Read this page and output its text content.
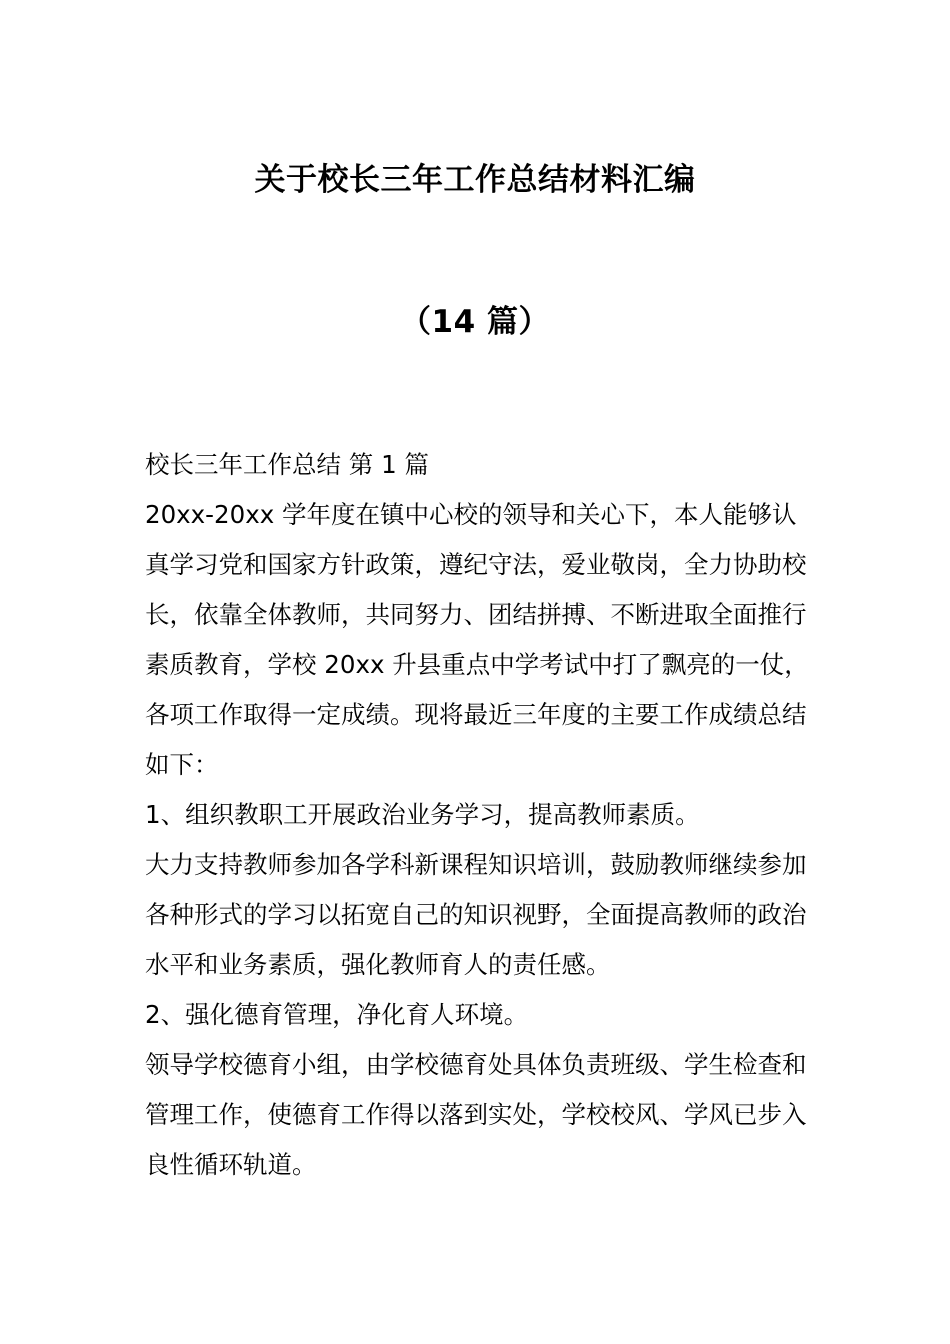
关于校长三年工作总结材料汇编
（14 篇）

校长三年工作总结 第 1 篇

20xx-20xx 学年度在镇中心校的领导和关心下，本人能够认真学习党和国家方针政策，遵纪守法，爱业敬岗，全力协助校长，依靠全体教师，共同努力、团结拼搏、不断进取全面推行素质教育，学校 20xx 升县重点中学考试中打了飘亮的一仗，各项工作取得一定成绩。现将最近三年度的主要工作成绩总结如下：

1、组织教职工开展政治业务学习，提高教师素质。

大力支持教师参加各学科新课程知识培训，鼓励教师继续参加各种形式的学习以拓宽自己的知识视野，全面提高教师的政治水平和业务素质，强化教师育人的责任感。

2、强化德育管理，净化育人环境。

领导学校德育小组，由学校德育处具体负责班级、学生检查和管理工作，使德育工作得以落到实处，学校校风、学风已步入良性循环轨道。
